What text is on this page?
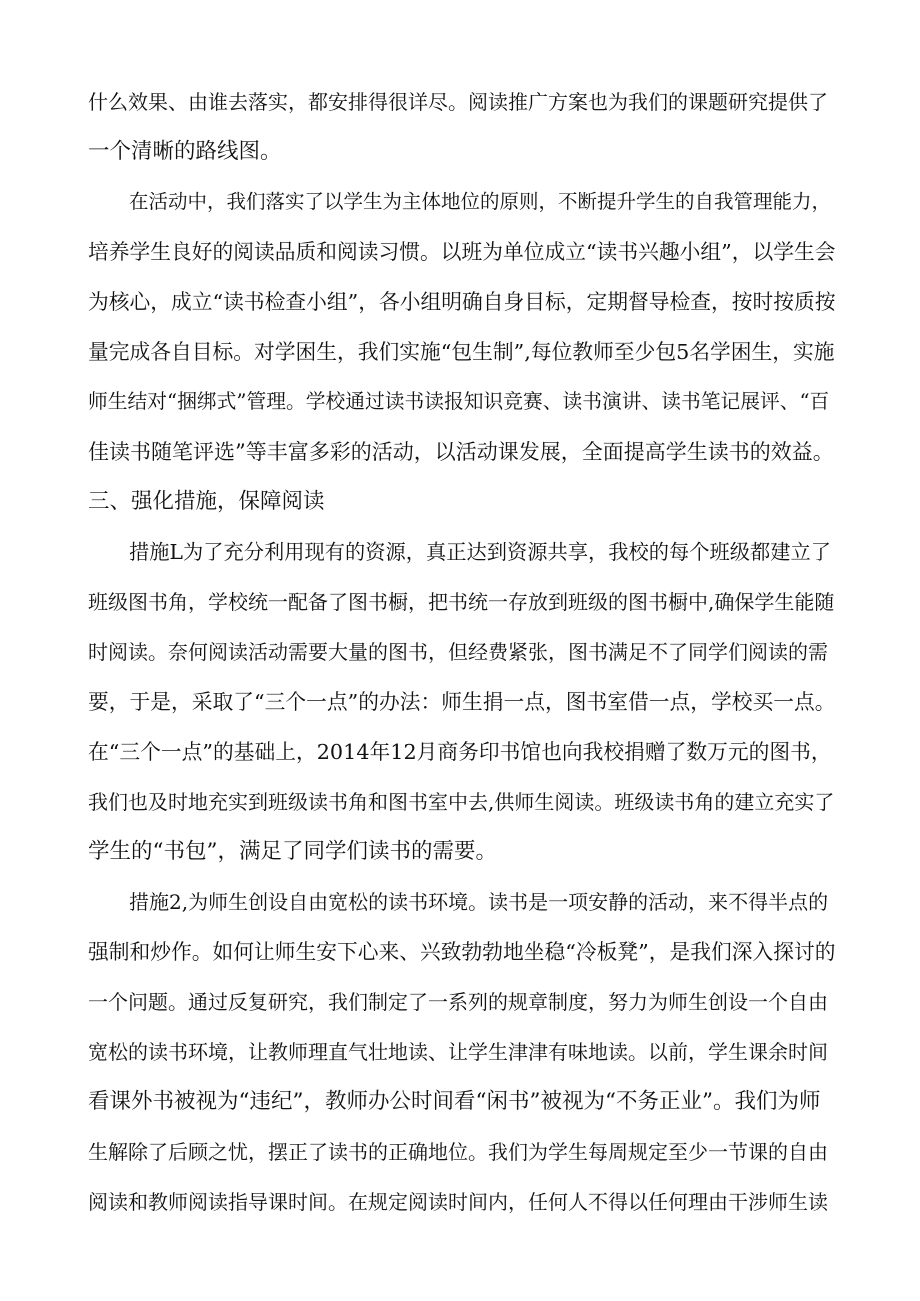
什么效果、由谁去落实，都安排得很详尽。阅读推广方案也为我们的课题研究提供了
一个清晰的路线图。
在活动中，我们落实了以学生为主体地位的原则，不断提升学生的自我管理能力，
培养学生良好的阅读品质和阅读习惯。以班为单位成立“读书兴趣小组”，以学生会
为核心，成立“读书检查小组”，各小组明确自身目标，定期督导检查，按时按质按
量完成各自目标。对学困生，我们实施“包生制”,每位教师至少包5名学困生，实施
师生结对“捆绑式”管理。学校通过读书读报知识竞赛、读书演讲、读书笔记展评、“百
佳读书随笔评选”等丰富多彩的活动，以活动课发展，全面提高学生读书的效益。
三、强化措施，保障阅读
措施L为了充分利用现有的资源，真正达到资源共享，我校的每个班级都建立了
班级图书角，学校统一配备了图书橱，把书统一存放到班级的图书橱中,确保学生能随
时阅读。奈何阅读活动需要大量的图书，但经费紧张，图书满足不了同学们阅读的需
要，于是，采取了“三个一点”的办法：师生捐一点，图书室借一点，学校买一点。
在“三个一点”的基础上，2014年12月商务印书馆也向我校捐赠了数万元的图书，
我们也及时地充实到班级读书角和图书室中去,供师生阅读。班级读书角的建立充实了
学生的“书包”，满足了同学们读书的需要。
措施2,为师生创设自由宽松的读书环境。读书是一项安静的活动，来不得半点的
强制和炒作。如何让师生安下心来、兴致勃勃地坐稳“冷板凳”，是我们深入探讨的
一个问题。通过反复研究，我们制定了一系列的规章制度，努力为师生创设一个自由
宽松的读书环境，让教师理直气壮地读、让学生津津有味地读。以前，学生课余时间
看课外书被视为“违纪”，教师办公时间看“闲书”被视为“不务正业”。我们为师
生解除了后顾之忧，摆正了读书的正确地位。我们为学生每周规定至少一节课的自由
阅读和教师阅读指导课时间。在规定阅读时间内，任何人不得以任何理由干涉师生读
